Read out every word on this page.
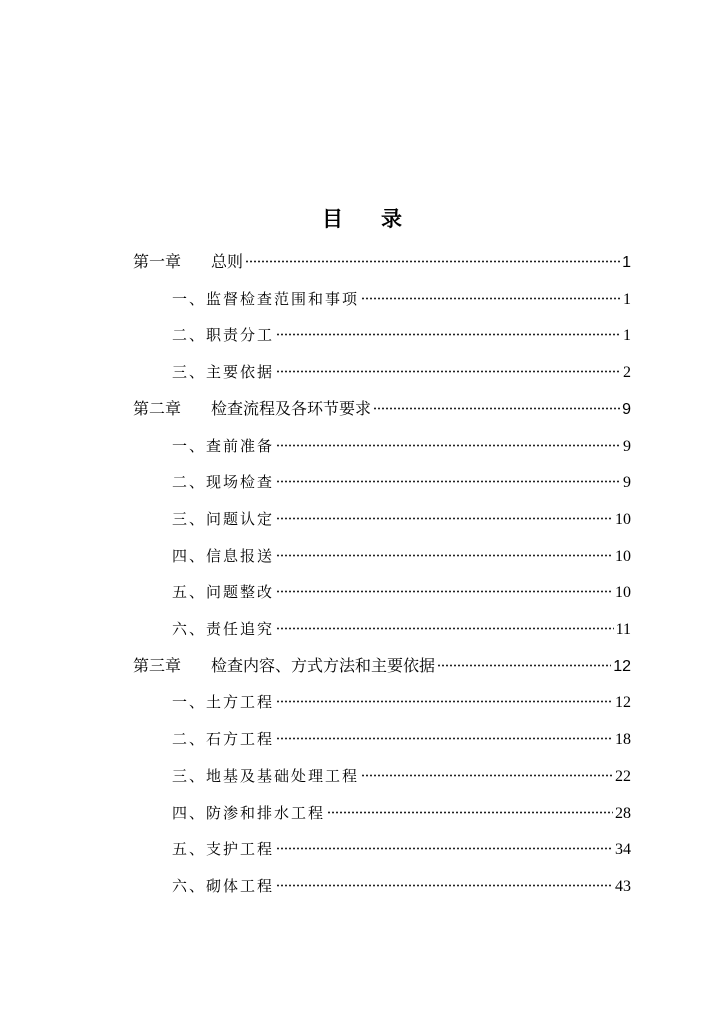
目 录
第一章	总则	1
一、监督检查范围和事项	1
二、职责分工	1
三、主要依据	2
第二章	检查流程及各环节要求	9
一、查前准备	9
二、现场检查	9
三、问题认定	10
四、信息报送	10
五、问题整改	10
六、责任追究	11
第三章	检查内容、方式方法和主要依据	12
一、土方工程	12
二、石方工程	18
三、地基及基础处理工程	22
四、防渗和排水工程	28
五、支护工程	34
六、砌体工程	43
